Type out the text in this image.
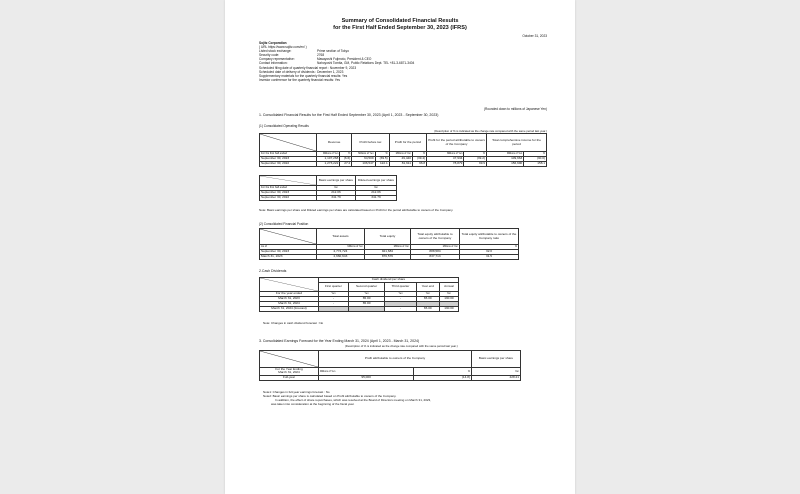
Summary of Consolidated Financial Results
for the First Half Ended September 30, 2023 (IFRS)
October 31, 2023
Sojitz Corporation
( URL https://www.sojitz.com/en/ )
Listed stock exchange:	Prime section of Tokyo
Security code:	2768
Company representative:	Masayoshi Fujimoto, President & CEO
Contact information:	Nahoyoshi Tomita, GM, Public Relations Dept. TEL +81-3-6871-3404
Scheduled filing date of quarterly financial report : November 9, 2023
Scheduled date of delivery of dividends : December 1, 2023
Supplementary materials for the quarterly financial results: Yes
Investor conference for the quarterly financial results: Yes
(Rounded down to millions of Japanese Yen)
1. Consolidated Financial Results for the First Half Ended September 30, 2023 (April 1, 2023 - September 30, 2023)
(1) Consolidated Operating Results
(Description of % is indicated as the change rate compared with the same period last year.)
	Revenue		Profit before tax		Profit for the period		Profit for the period attributable to owners of the Company		Total comprehensive income for the period	
For the first half ended	Millions of Yen	%	Millions of Yen	%	Millions of Yen	%	Millions of Yen	%	Millions of Yen	%
September 30, 2023	1,107,268	(6.6)	64,509	(39.5)	49,440	(39.4)	47,934	(39.2)	109,663	(30.0)
September 30, 2022	1,273,222	27.2	106,547	122.1	81,611	96.8	78,879	99.9	156,690	158.1
	Basic earnings per share	Diluted earnings per share
For the first half ended	Yen	Yen
September 30, 2023	212.06	212.06
September 30, 2022	341.79	341.79
Note: Basic earnings per share and Diluted earnings per share are calculated based on Profit for the period attributable to owners of the Company.
(2) Consolidated Financial Position
	Total assets	Total equity	Total equity attributable to owners of the Company	Total equity attributable to owners of the Company ratio
As of	Millions of Yen	Millions of Yen	Millions of Yen	%
September 30, 2023	2,774,724	921,684	888,584	32.0
March 31, 2023	2,660,643	876,576	837,713	31.5
2.Cash Dividends
	Cash dividend per share				
	First quarter	Second quarter	Third quarter	Year end	Annual
For the year ended	Yen	Yen	Yen	Yen	Yen
March 31, 2023	-	65.00	-	65.00	130.00
March 31, 2024	-	65.00			
March 31, 2024 (forecast)			-	65.00	130.00
Note: Changes in cash dividend forecast : No
3. Consolidated Earnings Forecast for the Year Ending March 31, 2024 (April 1, 2023 - March 31, 2024)
(Description of % is indicated as the change rate compared with the same period last year.)
	Profit attributable to owners of the Company		Basic earnings per share

For the Year Ending
March 31, 2024	Millions of Yen	%	Yen
Full-year	95,000	(14.8)	428.21
Note1: Changes in full-year earnings forecast : No
Note2: Basic earnings per share is calculated based on Profit attributable to owners of the Company.
In addition, the effect of share repurchases, which was resolved at the Board of Directors meeting on March 31, 2023,
was taken into consideration at the beginning of the fiscal year.
